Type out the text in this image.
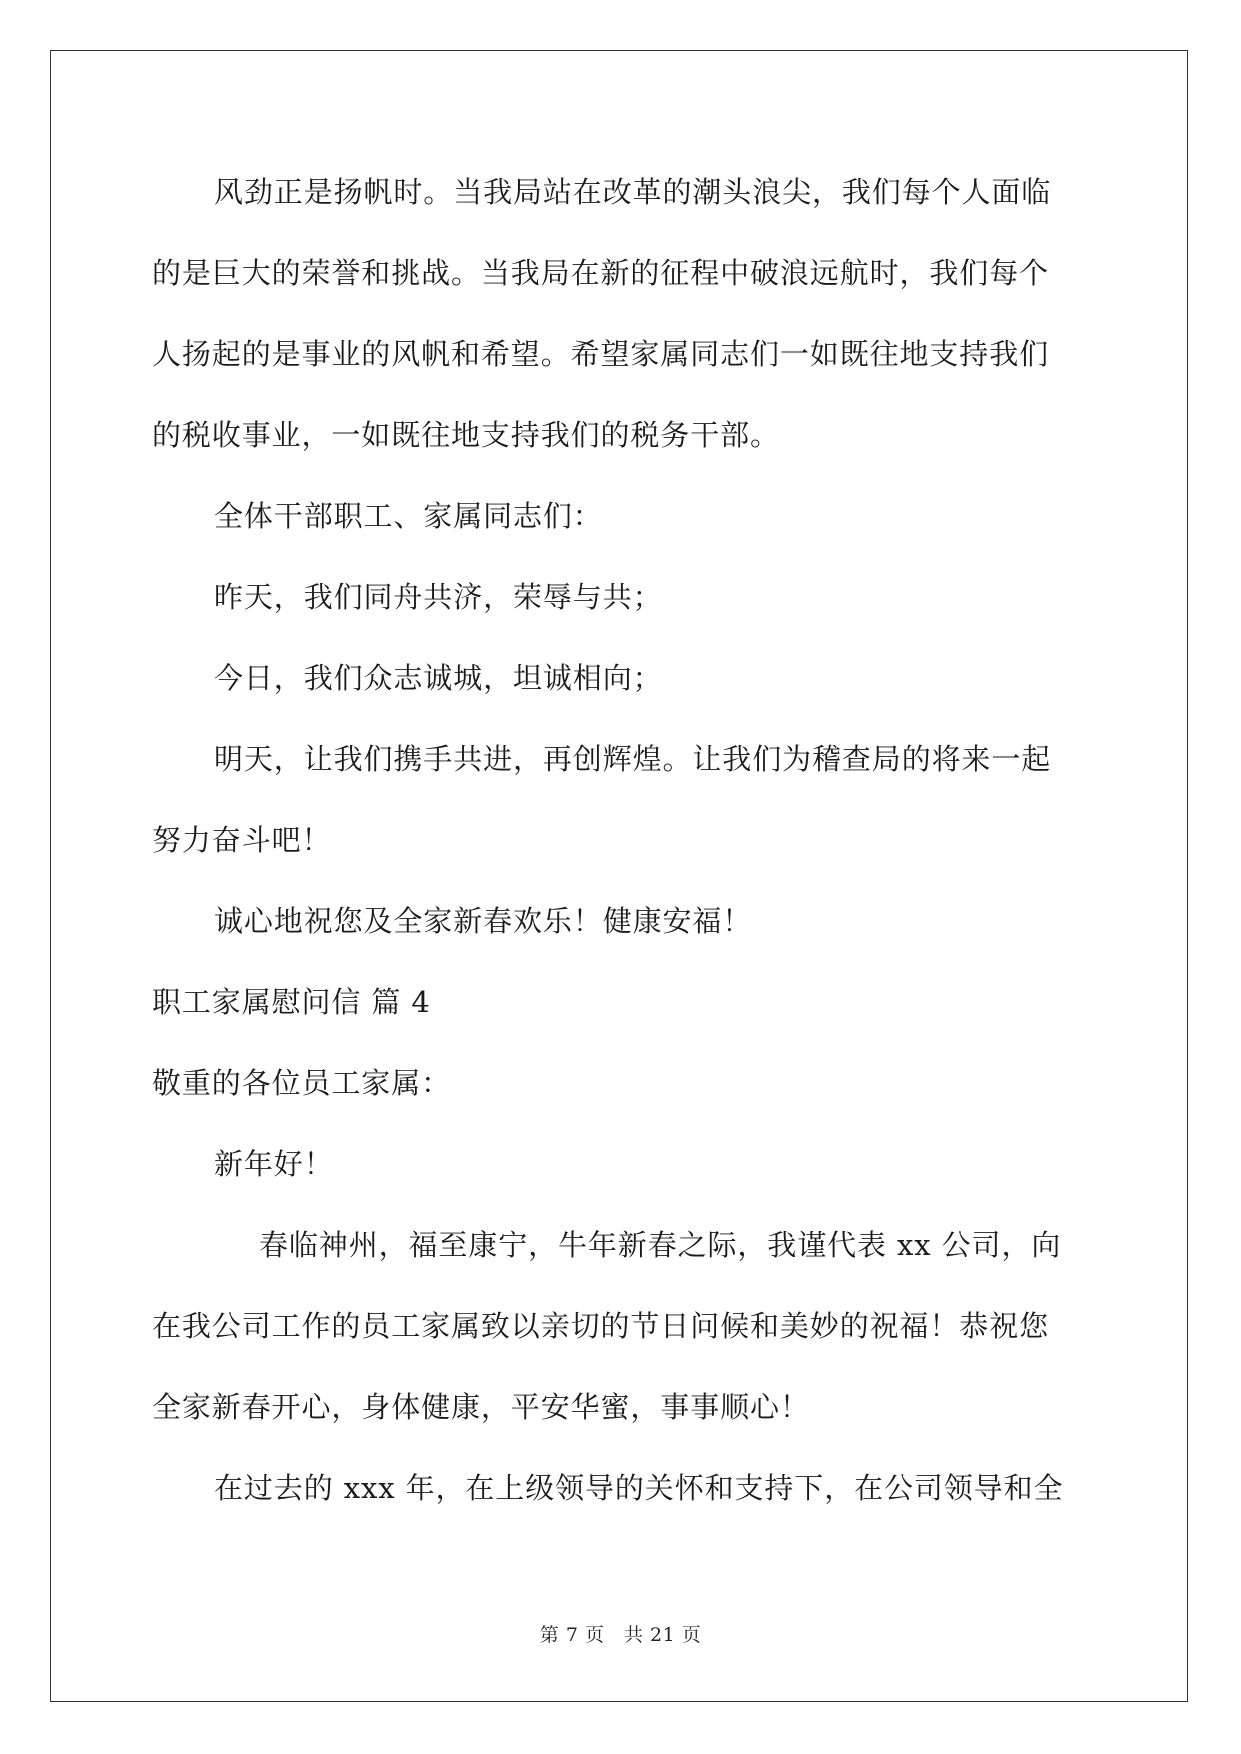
风劲正是扬帆时。当我局站在改革的潮头浪尖，我们每个人面临

的是巨大的荣誉和挑战。当我局在新的征程中破浪远航时，我们每个

人扬起的是事业的风帆和希望。希望家属同志们一如既往地支持我们

的税收事业，一如既往地支持我们的税务干部。

全体干部职工、家属同志们：

昨天，我们同舟共济，荣辱与共；

今日，我们众志诚城，坦诚相向；

明天，让我们携手共进，再创辉煌。让我们为稽查局的将来一起

努力奋斗吧！

诚心地祝您及全家新春欢乐！健康安福！

职工家属慰问信 篇 4

敬重的各位员工家属：

新年好！

春临神州，福至康宁，牛年新春之际，我谨代表 xx 公司，向

在我公司工作的员工家属致以亲切的节日问候和美妙的祝福！恭祝您

全家新春开心，身体健康，平安华蜜，事事顺心！

在过去的 xxx 年，在上级领导的关怀和支持下，在公司领导和全

第 7 页　共 21 页
